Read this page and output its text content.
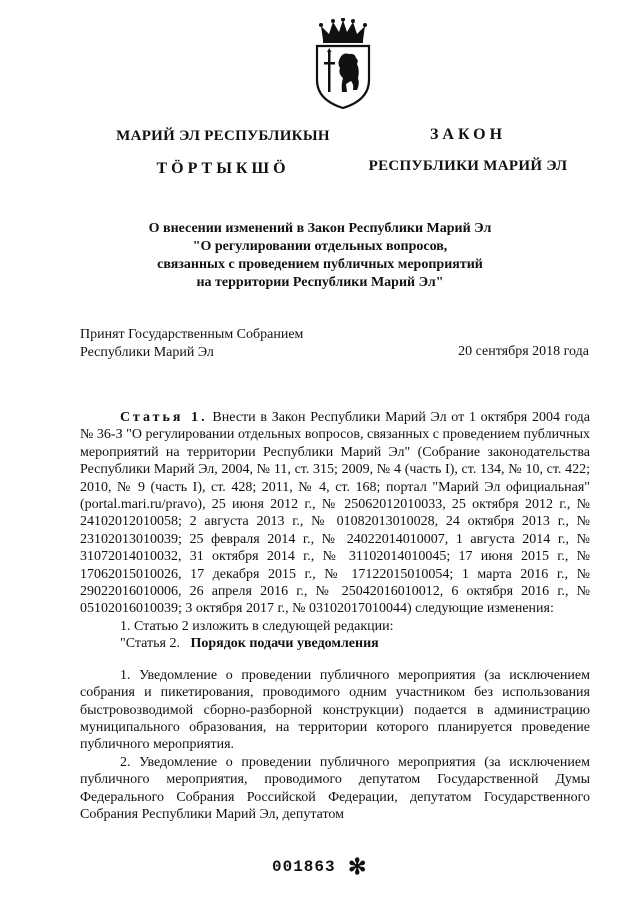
МАРИЙ ЭЛ РЕСПУБЛИКЫН
ТӦРТЫКШӦ
ЗАКОН
РЕСПУБЛИКИ МАРИЙ ЭЛ
О внесении изменений в Закон Республики Марий Эл
"О регулировании отдельных вопросов,
связанных с проведением публичных мероприятий
на территории Республики Марий Эл"
Принят Государственным Собранием
Республики Марий Эл	20 сентября 2018 года

Статья 1. Внести в Закон Республики Марий Эл от 1 октября 2004 года № 36-З "О регулировании отдельных вопросов, связанных с проведением публичных мероприятий на территории Республики Марий Эл" (Собрание законодательства Республики Марий Эл, 2004, № 11, ст. 315; 2009, № 4 (часть I), ст. 134, № 10, ст. 422; 2010, № 9 (часть I), ст. 428; 2011, № 4, ст. 168; портал "Марий Эл официальная" (portal.mari.ru/pravo), 25 июня 2012 г., № 25062012010033, 25 октября 2012 г., № 24102012010058; 2 августа 2013 г., № 01082013010028, 24 октября 2013 г., № 23102013010039; 25 февраля 2014 г., № 24022014010007, 1 августа 2014 г., № 31072014010032, 31 октября 2014 г., № 31102014010045; 17 июня 2015 г., № 17062015010026, 17 декабря 2015 г., № 17122015010054; 1 марта 2016 г., № 29022016010006, 26 апреля 2016 г., № 25042016010012, 6 октября 2016 г., № 05102016010039; 3 октября 2017 г., № 03102017010044) следующие изменения:

1. Статью 2 изложить в следующей редакции:

"Статья 2. Порядок подачи уведомления

1. Уведомление о проведении публичного мероприятия (за исключением собрания и пикетирования, проводимого одним участником без использования быстровозводимой сборно-разборной конструкции) подается в администрацию муниципального образования, на территории которого планируется проведение публичного мероприятия.

2. Уведомление о проведении публичного мероприятия (за исключением публичного мероприятия, проводимого депутатом Государственной Думы Федерального Собрания Российской Федерации, депутатом Государственного Собрания Республики Марий Эл, депутатом

001863 ✻
